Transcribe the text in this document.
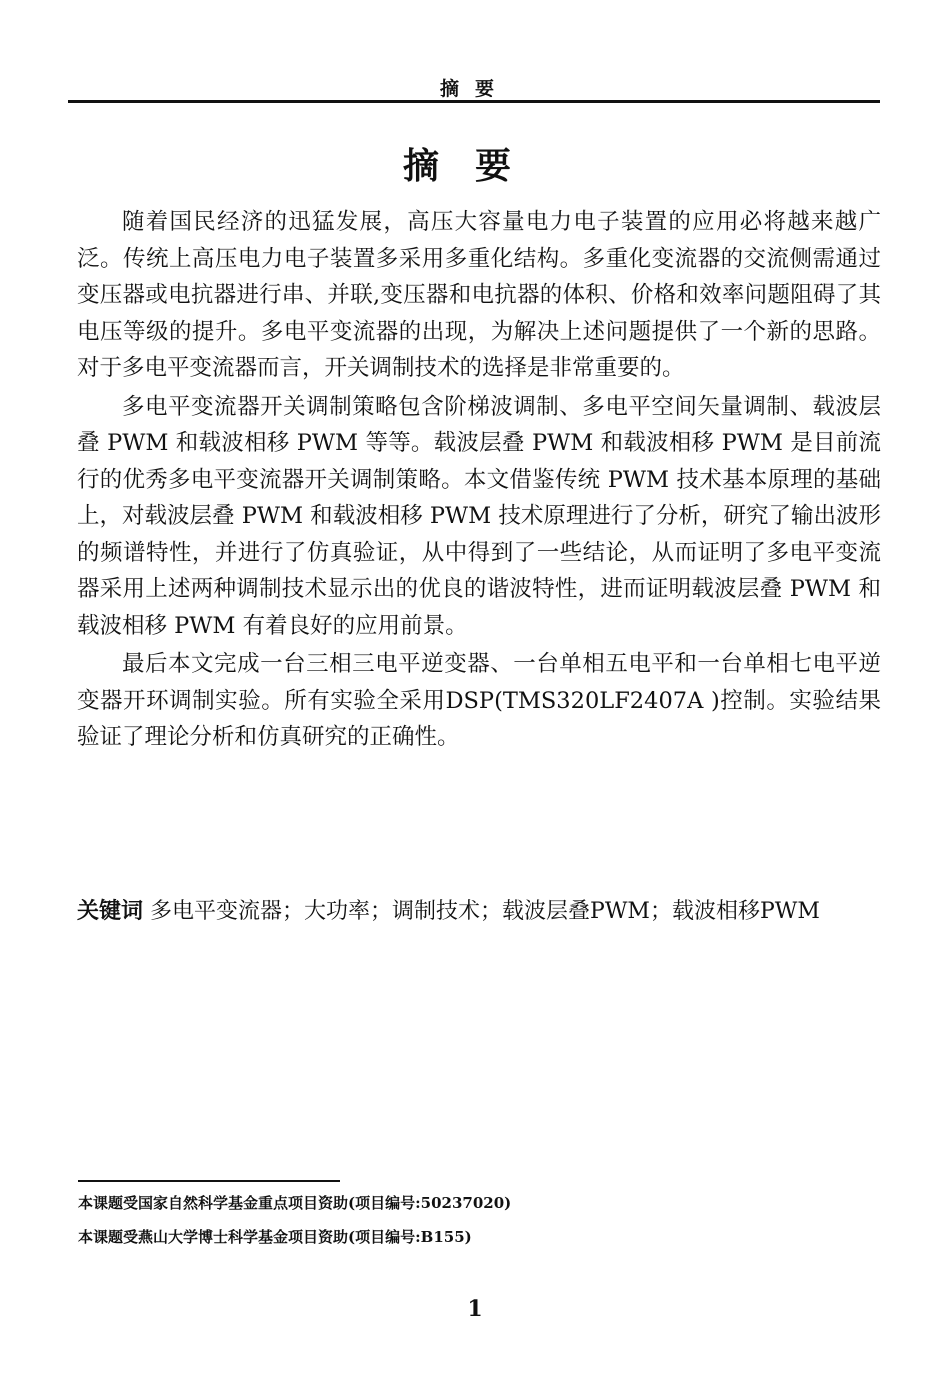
摘要
摘要

随着国民经济的迅猛发展，高压大容量电力电子装置的应用必将越来越广泛。传统上高压电力电子装置多采用多重化结构。多重化变流器的交流侧需通过变压器或电抗器进行串、并联,变压器和电抗器的体积、价格和效率问题阻碍了其电压等级的提升。多电平变流器的出现，为解决上述问题提供了一个新的思路。对于多电平变流器而言，开关调制技术的选择是非常重要的。

多电平变流器开关调制策略包含阶梯波调制、多电平空间矢量调制、载波层叠 PWM 和载波相移 PWM 等等。载波层叠 PWM 和载波相移 PWM 是目前流行的优秀多电平变流器开关调制策略。本文借鉴传统 PWM 技术基本原理的基础上，对载波层叠 PWM 和载波相移 PWM 技术原理进行了分析，研究了输出波形的频谱特性，并进行了仿真验证，从中得到了一些结论，从而证明了多电平变流器采用上述两种调制技术显示出的优良的谐波特性，进而证明载波层叠 PWM 和载波相移 PWM 有着良好的应用前景。

最后本文完成一台三相三电平逆变器、一台单相五电平和一台单相七电平逆变器开环调制实验。所有实验全采用DSP(TMS320LF2407A )控制。实验结果验证了理论分析和仿真研究的正确性。

关键词 多电平变流器；大功率；调制技术；载波层叠PWM；载波相移PWM
本课题受国家自然科学基金重点项目资助(项目编号:50237020)
本课题受燕山大学博士科学基金项目资助(项目编号:B155)
1
